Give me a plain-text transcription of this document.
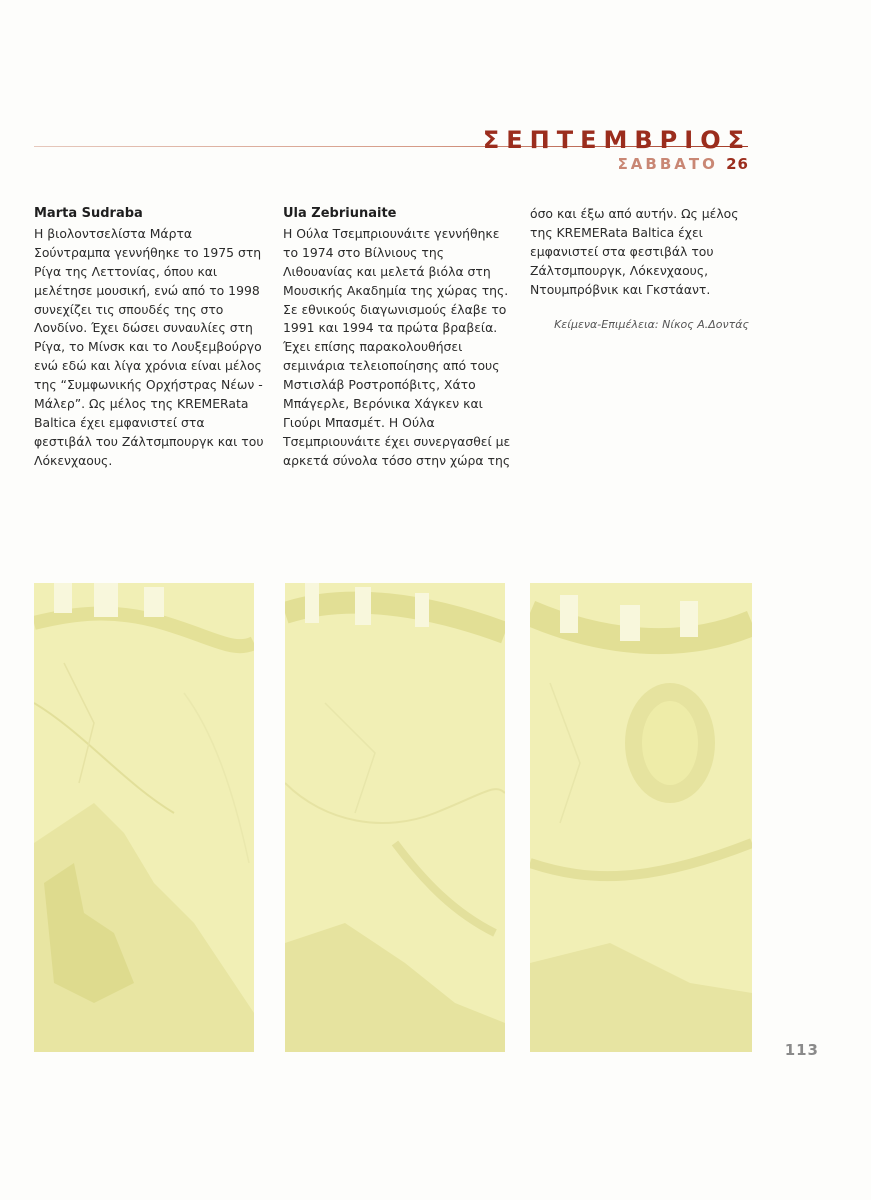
ΣΕΠΤΕΜΒΡΙΟΣ
ΣΑΒΒΑΤΟ 26
Marta Sudraba

Η βιολοντσελίστα Μάρτα Σούντραμπα γεννήθηκε το 1975 στη Ρίγα της Λεττονίας, όπου και μελέτησε μουσική, ενώ από το 1998 συνεχίζει τις σπουδές της στο Λονδίνο. Έχει δώσει συναυλίες στη Ρίγα, το Μίνσκ και το Λουξεμβούργο ενώ εδώ και λίγα χρόνια είναι μέλος της “Συμφωνικής Ορχήστρας Νέων - Μάλερ”. Ως μέλος της KREMERata Baltica έχει εμφανιστεί στα φεστιβάλ του Ζάλτσμπουργκ και του Λόκενχαους.

Ula Zebriunaite

Η Ούλα Τσεμπριουνάιτε γεννήθηκε το 1974 στο Βίλνιους της Λιθουανίας και μελετά βιόλα στη Μουσικής Ακαδημία της χώρας της. Σε εθνικούς διαγωνισμούς έλαβε το 1991 και 1994 τα πρώτα βραβεία. Έχει επίσης παρακολουθήσει σεμινάρια τελειοποίησης από τους Μστισλάβ Ροστροπόβιτς, Χάτο Μπάγερλε, Βερόνικα Χάγκεν και Γιούρι Μπασμέτ. Η Ούλα Τσεμπριουνάιτε έχει συνεργασθεί με αρκετά σύνολα τόσο στην χώρα της

όσο και έξω από αυτήν. Ως μέλος της KREMERata Baltica έχει εμφανιστεί στα φεστιβάλ του Ζάλτσμπουργκ, Λόκενχαους, Ντουμπρόβνικ και Γκστάαντ.

Κείμενα-Επιμέλεια: Νίκος Α.Δοντάς
113
